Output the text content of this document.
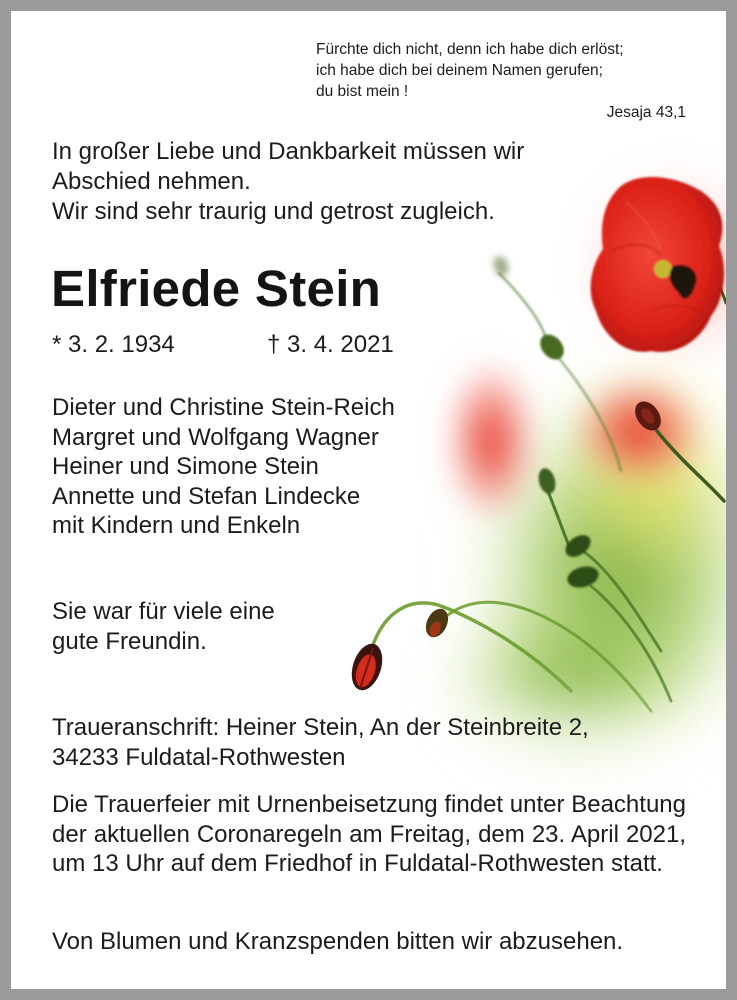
Fürchte dich nicht, denn ich habe dich erlöst;
ich habe dich bei deinem Namen gerufen;
du bist mein !

Jesaja 43,1

In großer Liebe und Dankbarkeit müssen wir
Abschied nehmen.
Wir sind sehr traurig und getrost zugleich.
Elfriede Stein

* 3. 2. 1934	† 3. 4. 2021

Dieter und Christine Stein-Reich
Margret und Wolfgang Wagner
Heiner und Simone Stein
Annette und Stefan Lindecke
mit Kindern und Enkeln
Sie war für viele eine
gute Freundin.
Traueranschrift: Heiner Stein, An der Steinbreite 2,
34233 Fuldatal-Rothwesten

Die Trauerfeier mit Urnenbeisetzung findet unter Beachtung der aktuellen Coronaregeln am Freitag, dem 23. April 2021, um 13 Uhr auf dem Friedhof in Fuldatal-Rothwesten statt.

Von Blumen und Kranzspenden bitten wir abzusehen.
